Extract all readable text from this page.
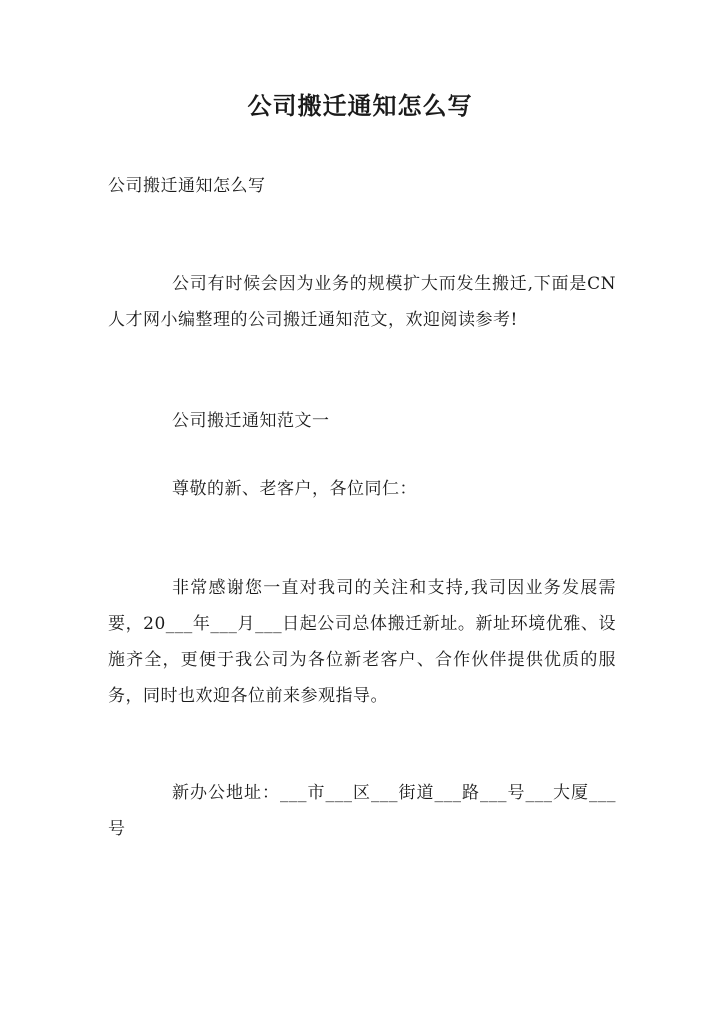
公司搬迁通知怎么写

公司搬迁通知怎么写

公司有时候会因为业务的规模扩大而发生搬迁,下面是CN人才网小编整理的公司搬迁通知范文，欢迎阅读参考!

公司搬迁通知范文一

尊敬的新、老客户，各位同仁：

非常感谢您一直对我司的关注和支持,我司因业务发展需要，20___年___月___日起公司总体搬迁新址。新址环境优雅、设施齐全，更便于我公司为各位新老客户、合作伙伴提供优质的服务，同时也欢迎各位前来参观指导。

新办公地址：___市___区___街道___路___号___大厦___号
